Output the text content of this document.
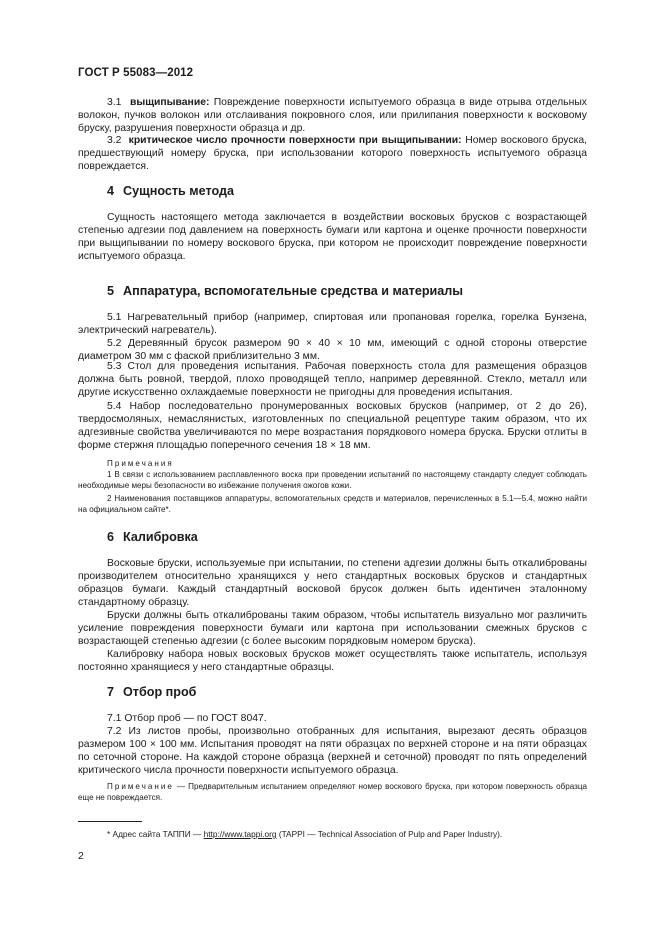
ГОСТ Р 55083—2012

3.1 выщипывание: Повреждение поверхности испытуемого образца в виде отрыва отдельных волокон, пучков волокон или отслаивания покровного слоя, или прилипания поверхности к восковому бруску, разрушения поверхности образца и др.

3.2 критическое число прочности поверхности при выщипывании: Номер воскового бруска, предшествующий номеру бруска, при использовании которого поверхность испытуемого образца повреждается.

4 Сущность метода

Сущность настоящего метода заключается в воздействии восковых брусков с возрастающей степенью адгезии под давлением на поверхность бумаги или картона и оценке прочности поверхности при выщипывании по номеру воскового бруска, при котором не происходит повреждение поверхности испытуемого образца.

5 Аппаратура, вспомогательные средства и материалы

5.1 Нагревательный прибор (например, спиртовая или пропановая горелка, горелка Бунзена, электрический нагреватель).

5.2 Деревянный брусок размером 90 × 40 × 10 мм, имеющий с одной стороны отверстие диаметром 30 мм с фаской приблизительно 3 мм.

5.3 Стол для проведения испытания. Рабочая поверхность стола для размещения образцов должна быть ровной, твердой, плохо проводящей тепло, например деревянной. Стекло, металл или другие искусственно охлаждаемые поверхности не пригодны для проведения испытания.

5.4 Набор последовательно пронумерованных восковых брусков (например, от 2 до 26), твердосмоляных, немаслянистых, изготовленных по специальной рецептуре таким образом, что их адгезивные свойства увеличиваются по мере возрастания порядкового номера бруска. Бруски отлиты в форме стержня площадью поперечного сечения 18 × 18 мм.

Примечания

1 В связи с использованием расплавленного воска при проведении испытаний по настоящему стандарту следует соблюдать необходимые меры безопасности во избежание получения ожогов кожи.

2 Наименования поставщиков аппаратуры, вспомогательных средств и материалов, перечисленных в 5.1—5.4, можно найти на официальном сайте*.

6 Калибровка

Восковые бруски, используемые при испытании, по степени адгезии должны быть откалиброваны производителем относительно хранящихся у него стандартных восковых брусков и стандартных образцов бумаги. Каждый стандартный восковой брусок должен быть идентичен эталонному стандартному образцу.

Бруски должны быть откалиброваны таким образом, чтобы испытатель визуально мог различить усиление повреждения поверхности бумаги или картона при использовании смежных брусков с возрастающей степенью адгезии (с более высоким порядковым номером бруска).

Калибровку набора новых восковых брусков может осуществлять также испытатель, используя постоянно хранящиеся у него стандартные образцы.

7 Отбор проб

7.1 Отбор проб — по ГОСТ 8047.

7.2 Из листов пробы, произвольно отобранных для испытания, вырезают десять образцов размером 100 × 100 мм. Испытания проводят на пяти образцах по верхней стороне и на пяти образцах по сеточной стороне. На каждой стороне образца (верхней и сеточной) проводят по пять определений критического числа прочности поверхности испытуемого образца.

Примечание — Предварительным испытанием определяют номер воскового бруска, при котором поверхность образца еще не повреждается.

* Адрес сайта ТАППИ — http://www.tappi.org (TAPPI — Technical Association of Pulp and Paper Industry).
2
